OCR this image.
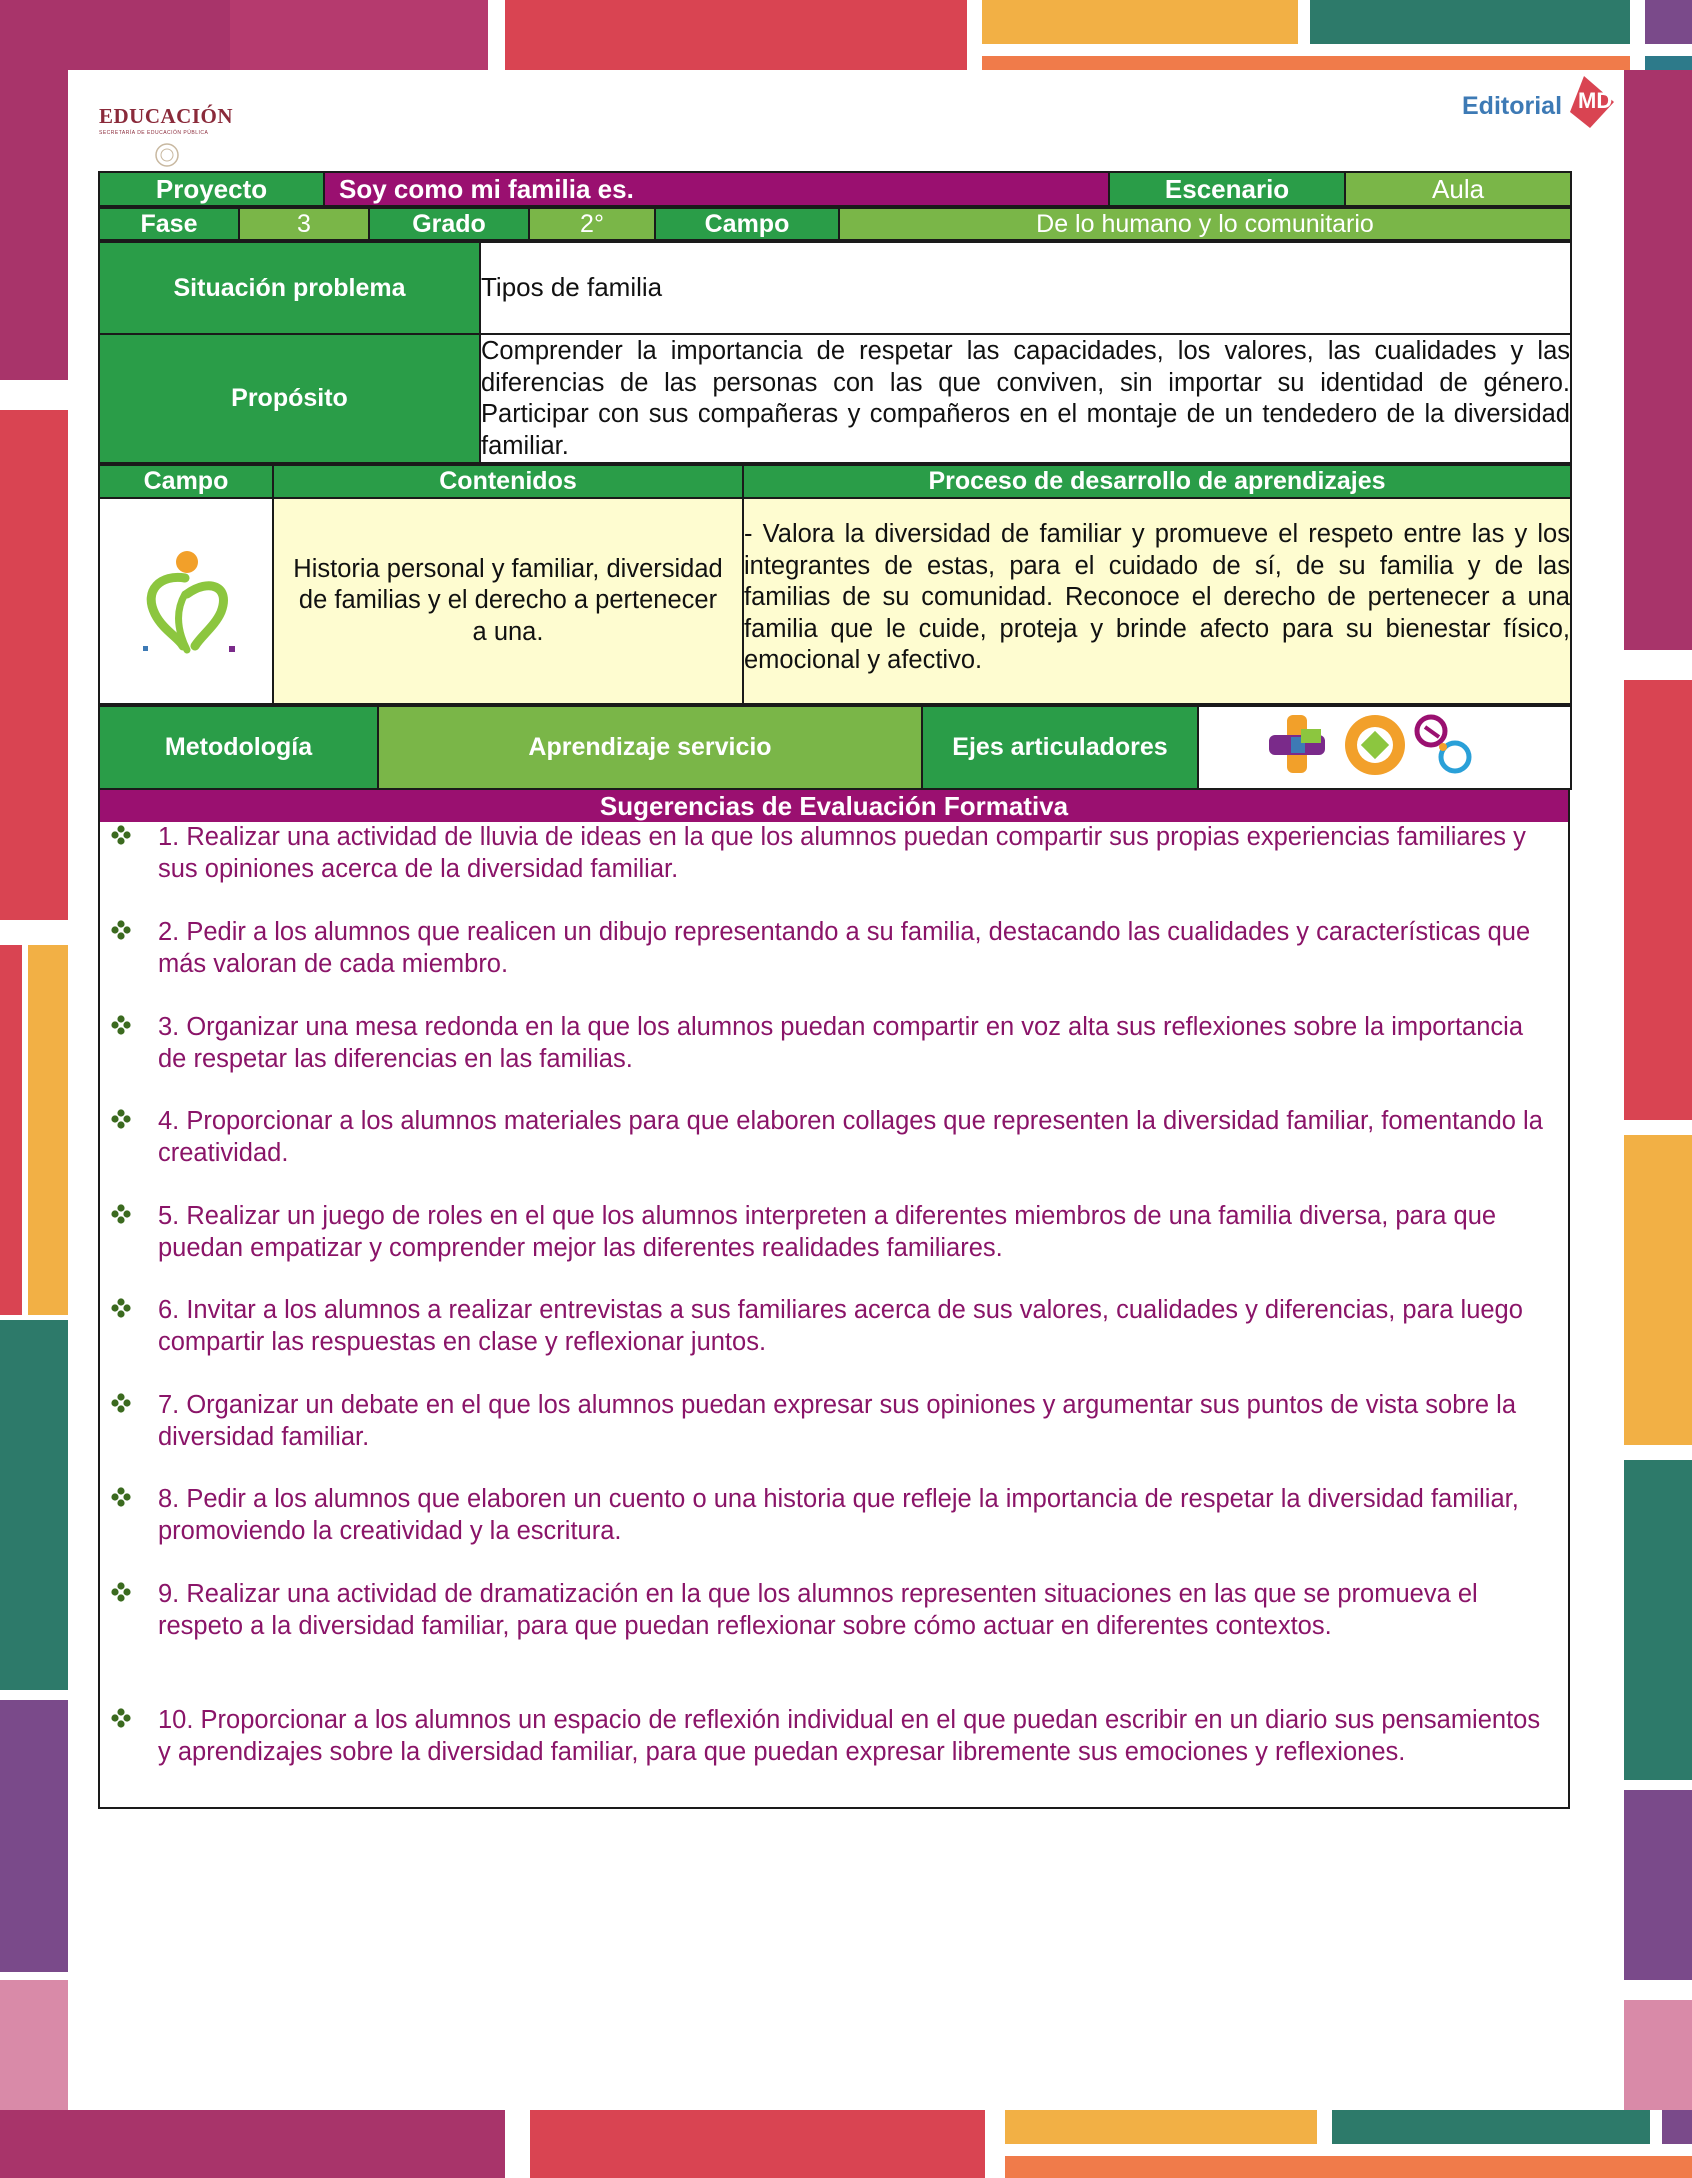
EDUCACIÓN
SECRETARÍA DE EDUCACIÓN PÚBLICA
Editorial MD
Proyecto	Soy como mi familia es.	Escenario	Aula
Fase	3	Grado	2°	Campo	De lo humano y lo comunitario
Situación problema	Tipos de familia
Propósito	Comprender la importancia de respetar las capacidades, los valores, las cualidades y las diferencias de las personas con las que conviven, sin importar su identidad de género. Participar con sus compañeras y compañeros en el montaje de un tendedero de la diversidad familiar.
Campo	Contenidos	Proceso de desarrollo de aprendizajes
	Historia personal y familiar, diversidad de familias y el derecho a pertenecer a una.	- Valora la diversidad de familiar y promueve el respeto entre las y los integrantes de estas, para el cuidado de sí, de su familia y de las familias de su comunidad. Reconoce el derecho de pertenecer a una familia que le cuide, proteja y brinde afecto para su bienestar físico, emocional y afectivo.
Metodología	Aprendizaje servicio	Ejes articuladores	
Sugerencias de Evaluación Formativa
1. Realizar una actividad de lluvia de ideas en la que los alumnos puedan compartir sus propias experiencias familiares y sus opiniones acerca de la diversidad familiar.
2. Pedir a los alumnos que realicen un dibujo representando a su familia, destacando las cualidades y características que más valoran de cada miembro.
3. Organizar una mesa redonda en la que los alumnos puedan compartir en voz alta sus reflexiones sobre la importancia de respetar las diferencias en las familias.
4. Proporcionar a los alumnos materiales para que elaboren collages que representen la diversidad familiar, fomentando la creatividad.
5. Realizar un juego de roles en el que los alumnos interpreten a diferentes miembros de una familia diversa, para que puedan empatizar y comprender mejor las diferentes realidades familiares.
6. Invitar a los alumnos a realizar entrevistas a sus familiares acerca de sus valores, cualidades y diferencias, para luego compartir las respuestas en clase y reflexionar juntos.
7. Organizar un debate en el que los alumnos puedan expresar sus opiniones y argumentar sus puntos de vista sobre la diversidad familiar.
8. Pedir a los alumnos que elaboren un cuento o una historia que refleje la importancia de respetar la diversidad familiar, promoviendo la creatividad y la escritura.
9. Realizar una actividad de dramatización en la que los alumnos representen situaciones en las que se promueva el respeto a la diversidad familiar, para que puedan reflexionar sobre cómo actuar en diferentes contextos.
10. Proporcionar a los alumnos un espacio de reflexión individual en el que puedan escribir en un diario sus pensamientos y aprendizajes sobre la diversidad familiar, para que puedan expresar libremente sus emociones y reflexiones.
